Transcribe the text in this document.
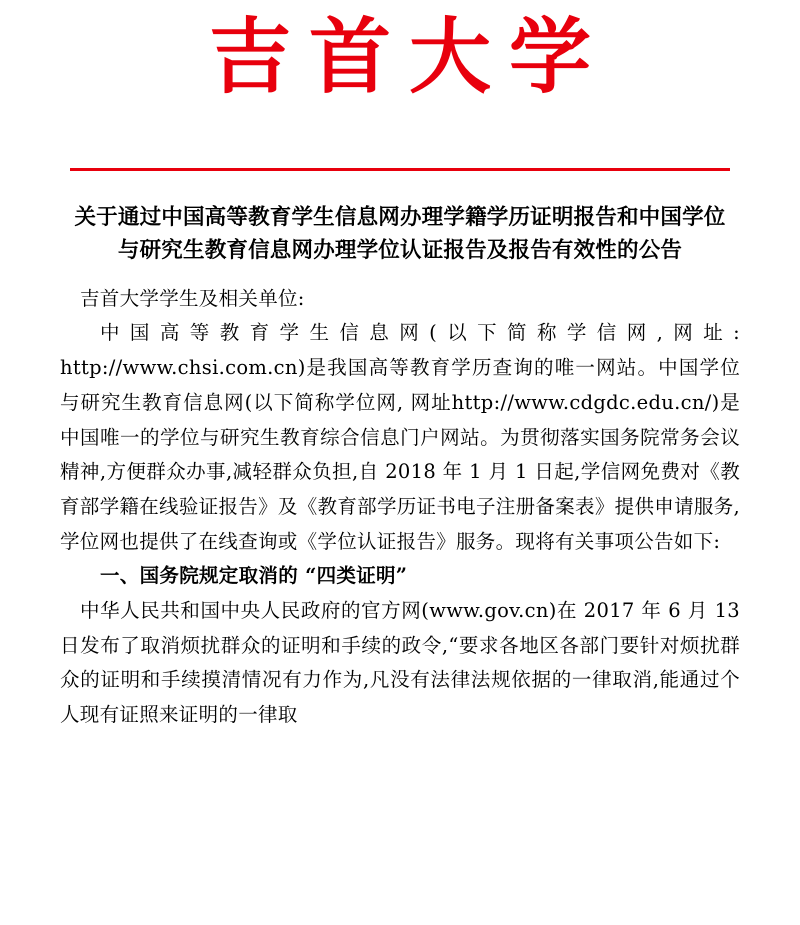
吉首大学
关于通过中国高等教育学生信息网办理学籍学历证明报告和中国学位与研究生教育信息网办理学位认证报告及报告有效性的公告

吉首大学学生及相关单位:

中国高等教育学生信息网(以下简称学信网,网址: http://www.chsi.com.cn)是我国高等教育学历查询的唯一网站。中国学位与研究生教育信息网(以下简称学位网, 网址http://www.cdgdc.edu.cn/)是中国唯一的学位与研究生教育综合信息门户网站。为贯彻落实国务院常务会议精神,方便群众办事,减轻群众负担,自 2018 年 1 月 1 日起,学信网免费对《教育部学籍在线验证报告》及《教育部学历证书电子注册备案表》提供申请服务,学位网也提供了在线查询或《学位认证报告》服务。现将有关事项公告如下:

一、国务院规定取消的 “四类证明”

中华人民共和国中央人民政府的官方网(www.gov.cn)在 2017 年 6 月 13 日发布了取消烦扰群众的证明和手续的政令,“要求各地区各部门要针对烦扰群众的证明和手续摸清情况有力作为,凡没有法律法规依据的一律取消,能通过个人现有证照来证明的一律取
